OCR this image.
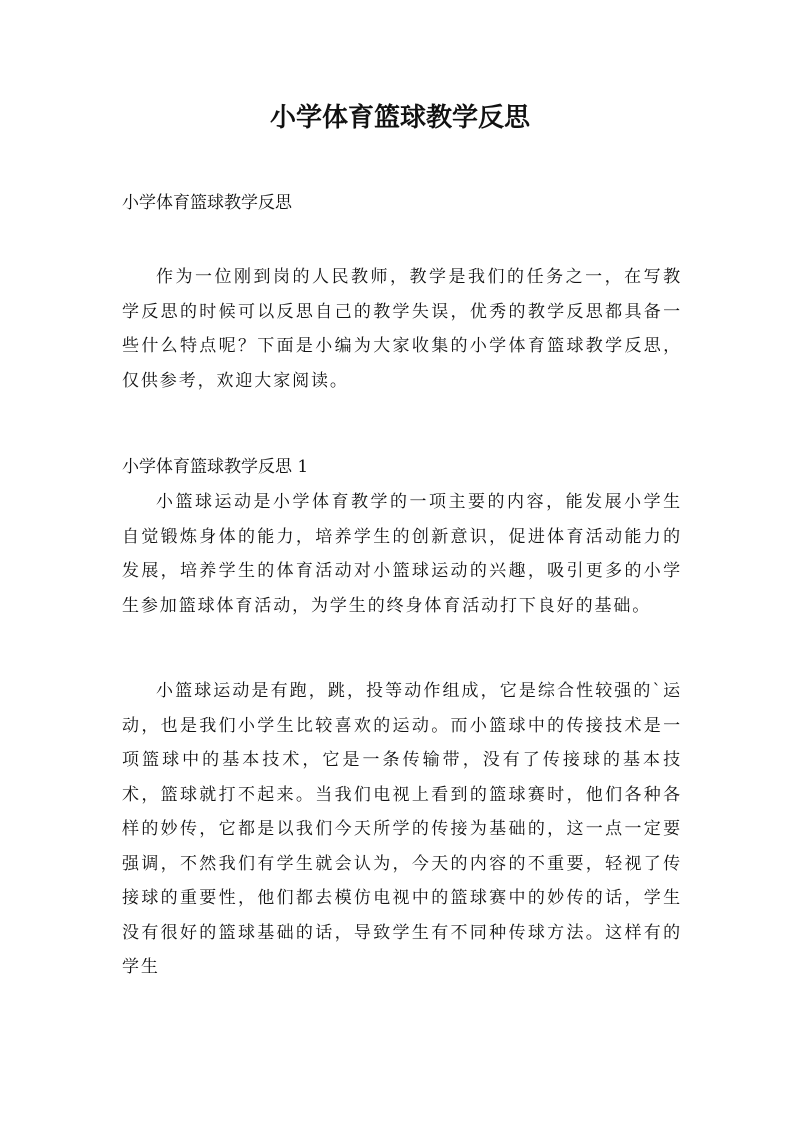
小学体育篮球教学反思

小学体育篮球教学反思

作为一位刚到岗的人民教师，教学是我们的任务之一，在写教学反思的时候可以反思自己的教学失误，优秀的教学反思都具备一些什么特点呢？下面是小编为大家收集的小学体育篮球教学反思，仅供参考，欢迎大家阅读。

小学体育篮球教学反思 1

小篮球运动是小学体育教学的一项主要的内容，能发展小学生自觉锻炼身体的能力，培养学生的创新意识，促进体育活动能力的发展，培养学生的体育活动对小篮球运动的兴趣，吸引更多的小学生参加篮球体育活动，为学生的终身体育活动打下良好的基础。

小篮球运动是有跑，跳，投等动作组成，它是综合性较强的`运动，也是我们小学生比较喜欢的运动。而小篮球中的传接技术是一项篮球中的基本技术，它是一条传输带，没有了传接球的基本技术，篮球就打不起来。当我们电视上看到的篮球赛时，他们各种各样的妙传，它都是以我们今天所学的传接为基础的，这一点一定要强调，不然我们有学生就会认为，今天的内容的不重要，轻视了传接球的重要性，他们都去模仿电视中的篮球赛中的妙传的话，学生没有很好的篮球基础的话，导致学生有不同种传球方法。这样有的学生
